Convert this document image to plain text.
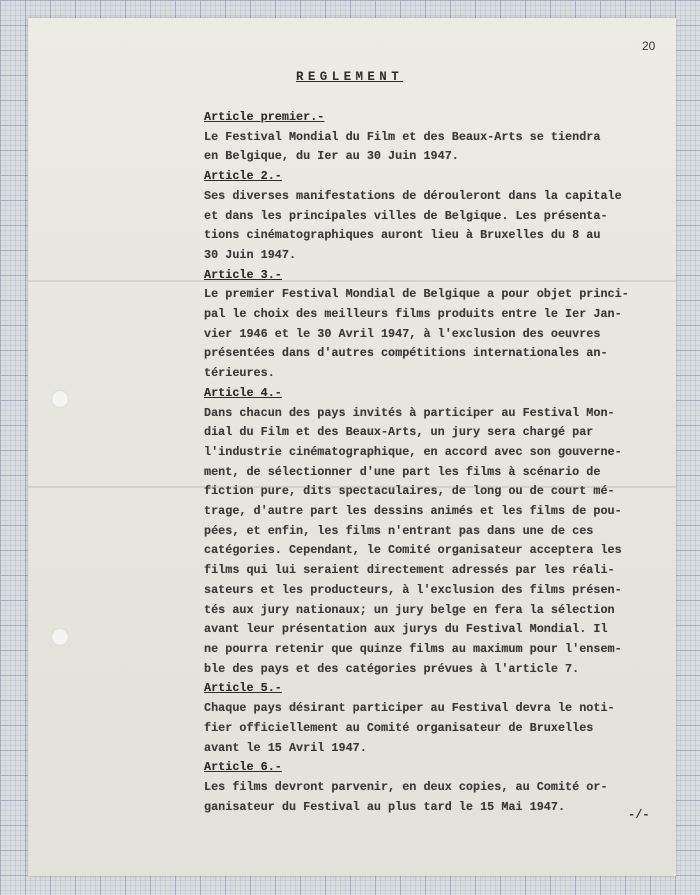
20
REGLEMENT
Article premier.-
Le Festival Mondial du Film et des Beaux-Arts se tiendra
en Belgique, du Ier au 30 Juin 1947.
Article 2.-
Ses diverses manifestations de dérouleront dans la capitale
et dans les principales villes de Belgique. Les présenta-
tions cinématographiques auront lieu à Bruxelles du 8 au
30 Juin 1947.
Article 3.-
Le premier Festival Mondial de Belgique a pour objet princi-
pal le choix des meilleurs films produits entre le Ier Jan-
vier 1946 et le 30 Avril 1947, à l'exclusion des oeuvres
présentées dans d'autres compétitions internationales an-
térieures.
Article 4.-
Dans chacun des pays invités à participer au Festival Mon-
dial du Film et des Beaux-Arts, un jury sera chargé par
l'industrie cinématographique, en accord avec son gouverne-
ment, de sélectionner d'une part les films à scénario de
fiction pure, dits spectaculaires, de long ou de court mé-
trage, d'autre part les dessins animés et les films de pou-
pées, et enfin, les films n'entrant pas dans une de ces
catégories. Cependant, le Comité organisateur acceptera les
films qui lui seraient directement adressés par les réali-
sateurs et les producteurs, à l'exclusion des films présen-
tés aux jury nationaux; un jury belge en fera la sélection
avant leur présentation aux jurys du Festival Mondial. Il
ne pourra retenir que quinze films au maximum pour l'ensem-
ble des pays et des catégories prévues à l'article 7.
Article 5.-
Chaque pays désirant participer au Festival devra le noti-
fier officiellement au Comité organisateur de Bruxelles
avant le 15 Avril 1947.
Article 6.-
Les films devront parvenir, en deux copies, au Comité or-
ganisateur du Festival au plus tard le 15 Mai 1947.
-/-
